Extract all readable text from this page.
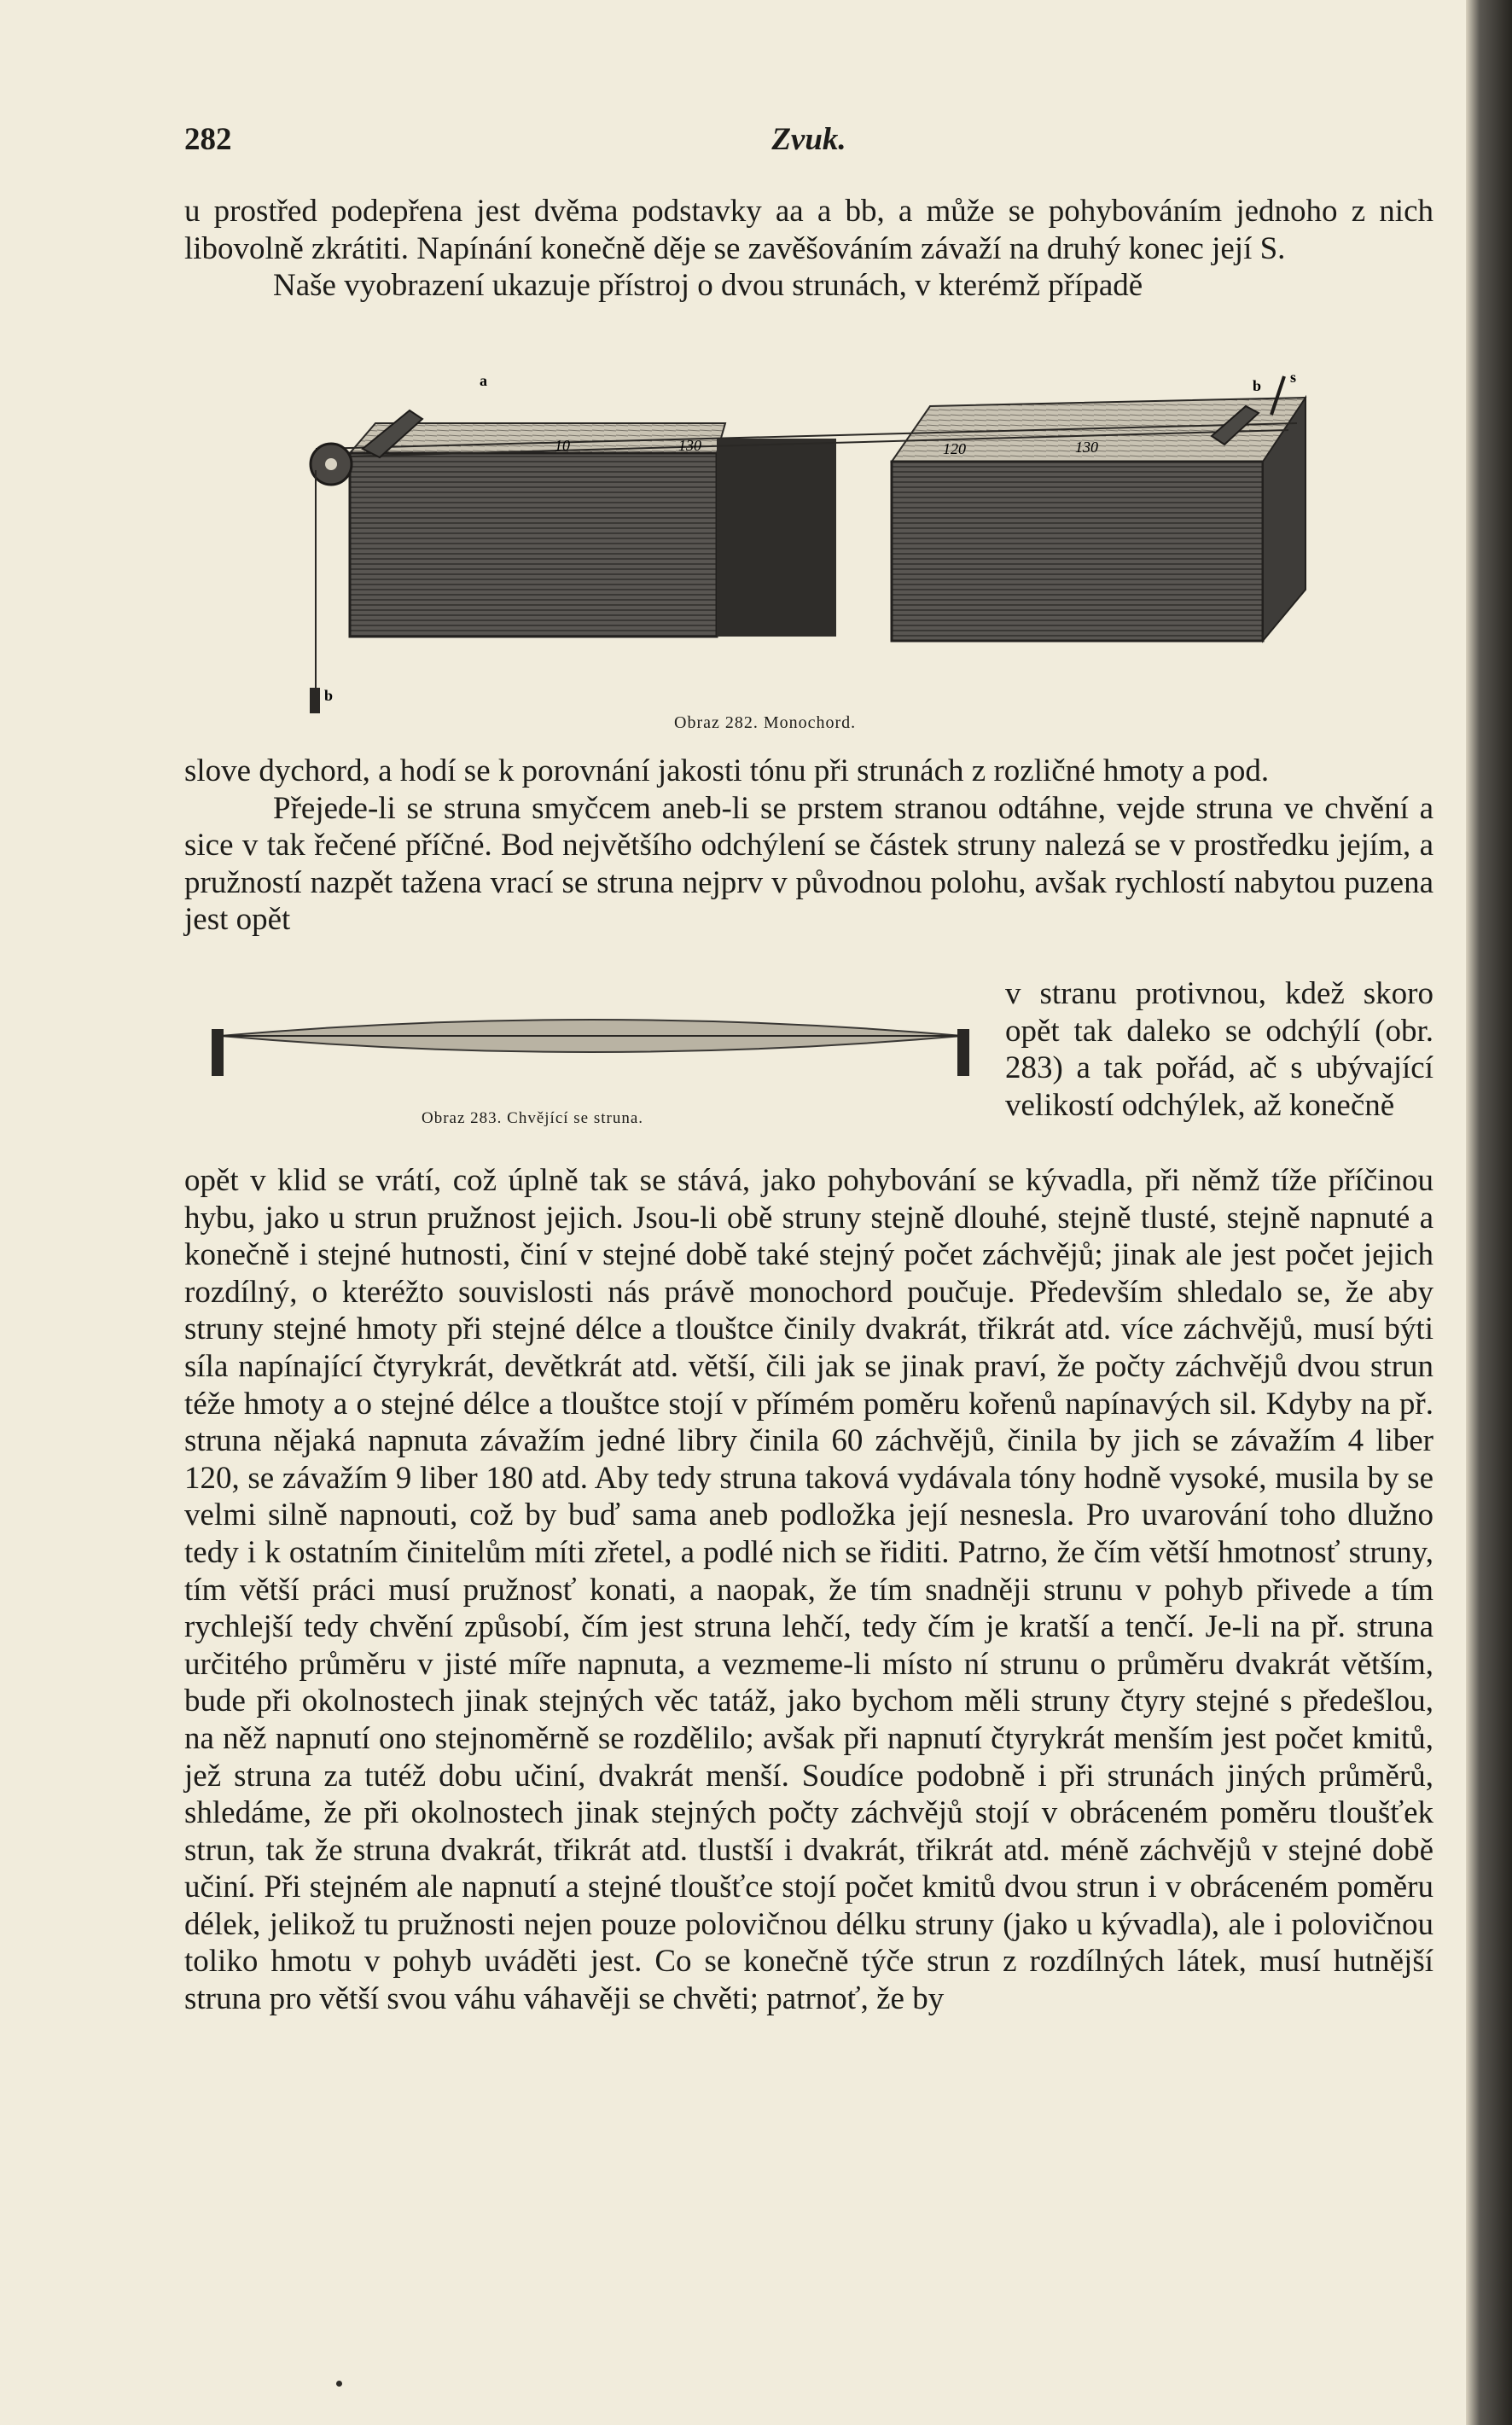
282	Zvuk.

u prostřed podepřena jest dvěma podstavky aa a bb, a může se pohybováním jednoho z nich libovolně zkrátiti. Napínání konečně děje se zavěšováním závaží na druhý konec její S.

Naše vyobrazení ukazuje přístroj o dvou strunách, v kterémž případě

a	b s
b
10	130	120	130
Obraz 282. Monochord.

slove dychord, a hodí se k porovnání jakosti tónu při strunách z rozličné hmoty a pod.

Přejede-li se struna smyčcem aneb-li se prstem stranou odtáhne, vejde struna ve chvění a sice v tak řečené příčné. Bod největšího odchýlení se částek struny nalezá se v prostředku jejím, a pružností nazpět tažena vrací se struna nejprv v původnou polohu, avšak rychlostí nabytou puzena jest opět

Obraz 283. Chvějící se struna.

v stranu protivnou, kdež skoro opět tak daleko se odchýlí (obr. 283) a tak pořád, ač s ubývající velikostí odchýlek, až konečně

opět v klid se vrátí, což úplně tak se stává, jako pohybování se kývadla, při němž tíže příčinou hybu, jako u strun pružnost jejich. Jsou-li obě struny stejně dlouhé, stejně tlusté, stejně napnuté a konečně i stejné hutnosti, činí v stejné době také stejný počet záchvějů; jinak ale jest počet jejich rozdílný, o kteréžto souvislosti nás právě monochord poučuje. Především shledalo se, že aby struny stejné hmoty při stejné délce a tlouštce činily dvakrát, třikrát atd. více záchvějů, musí býti síla napínající čtyrykrát, devětkrát atd. větší, čili jak se jinak praví, že počty záchvějů dvou strun téže hmoty a o stejné délce a tlouštce stojí v přímém poměru kořenů napínavých sil. Kdyby na př. struna nějaká napnuta závažím jedné libry činila 60 záchvějů, činila by jich se závažím 4 liber 120, se závažím 9 liber 180 atd. Aby tedy struna taková vydávala tóny hodně vysoké, musila by se velmi silně napnouti, což by buď sama aneb podložka její nesnesla. Pro uvarování toho dlužno tedy i k ostatním činitelům míti zřetel, a podlé nich se řiditi. Patrno, že čím větší hmotnosť struny, tím větší práci musí pružnosť konati, a naopak, že tím snadněji strunu v pohyb přivede a tím rychlejší tedy chvění způsobí, čím jest struna lehčí, tedy čím je kratší a tenčí. Je-li na př. struna určitého průměru v jisté míře napnuta, a vezmeme-li místo ní strunu o průměru dvakrát větším, bude při okolnostech jinak stejných věc tatáž, jako bychom měli struny čtyry stejné s předešlou, na něž napnutí ono stejnoměrně se rozdělilo; avšak při napnutí čtyrykrát menším jest počet kmitů, jež struna za tutéž dobu učiní, dvakrát menší. Soudíce podobně i při strunách jiných průměrů, shledáme, že při okolnostech jinak stejných počty záchvějů stojí v obráceném poměru tloušťek strun, tak že struna dvakrát, třikrát atd. tlustší i dvakrát, třikrát atd. méně záchvějů v stejné době učiní. Při stejném ale napnutí a stejné tloušťce stojí počet kmitů dvou strun i v obráceném poměru délek, jelikož tu pružnosti nejen pouze polovičnou délku struny (jako u kývadla), ale i polovičnou toliko hmotu v pohyb uváděti jest. Co se konečně týče strun z rozdílných látek, musí hutnější struna pro větší svou váhu váhavěji se chvěti; patrnoť, že by
